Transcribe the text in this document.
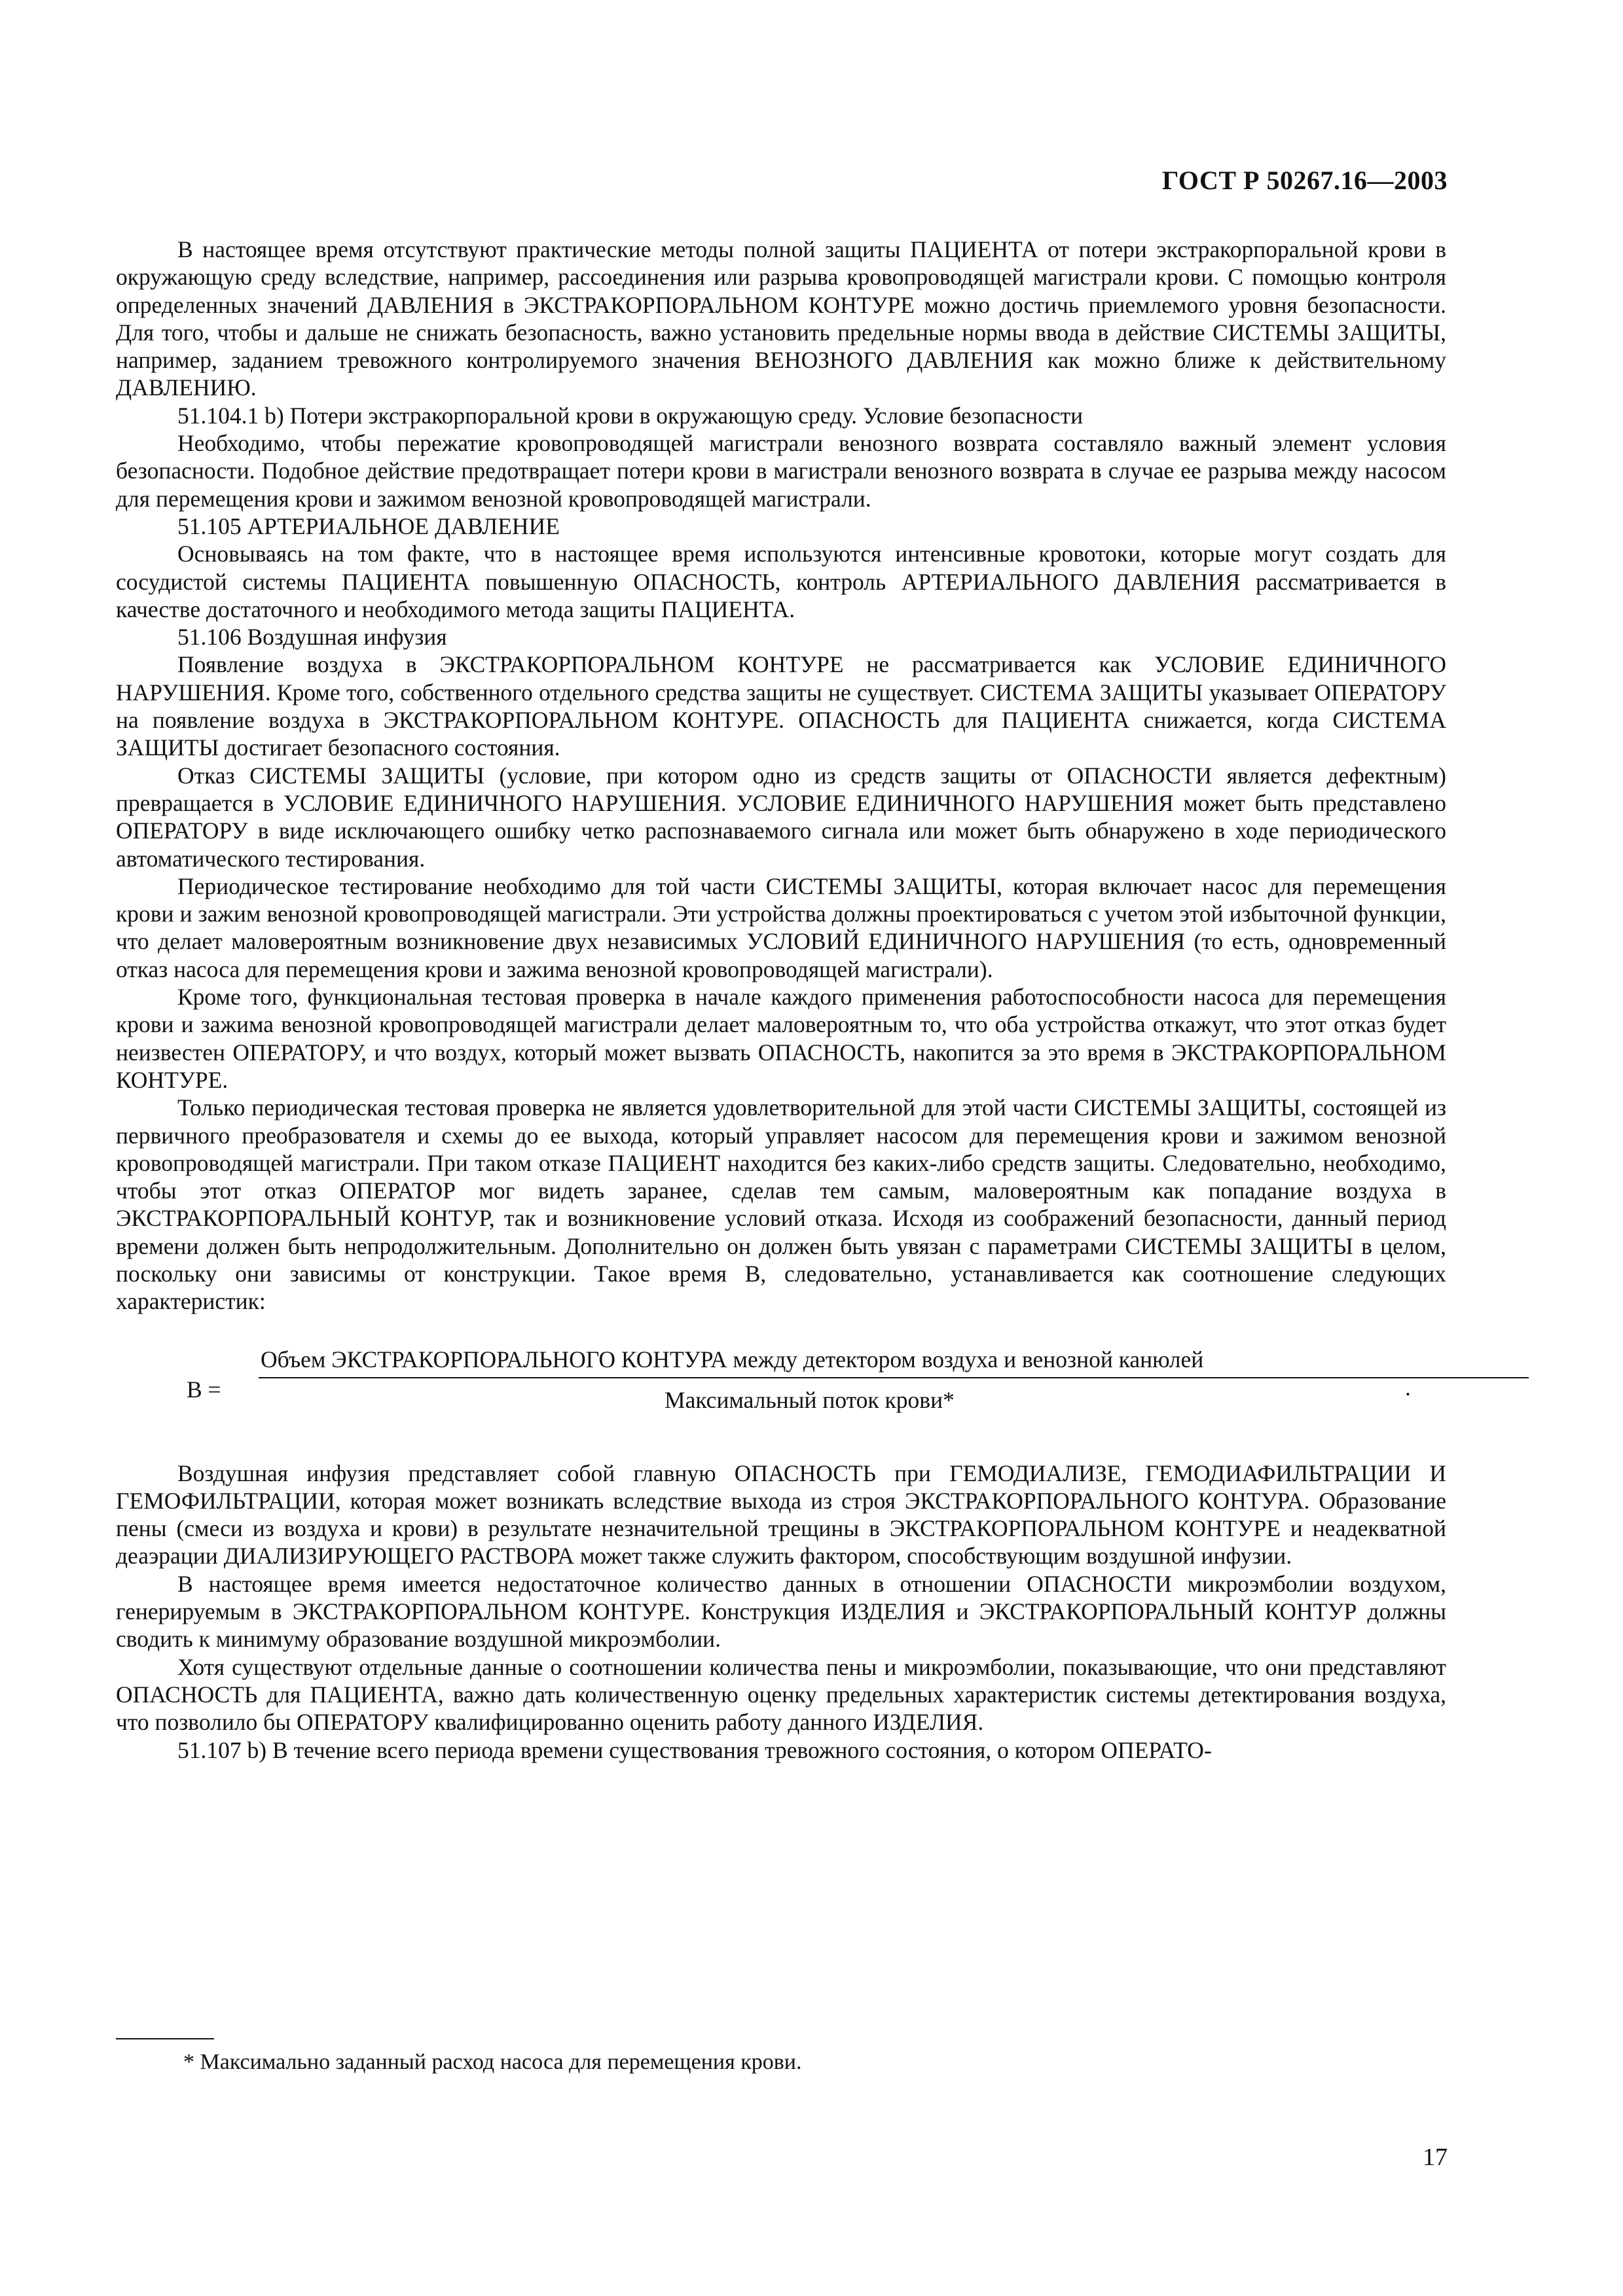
ГОСТ Р 50267.16—2003

В настоящее время отсутствуют практические методы полной защиты ПАЦИЕНТА от потери экстракорпоральной крови в окружающую среду вследствие, например, рассоединения или разрыва кровопроводящей магистрали крови. С помощью контроля определенных значений ДАВЛЕНИЯ в ЭКСТРАКОРПОРАЛЬНОМ КОНТУРЕ можно достичь приемлемого уровня безопасности. Для того, чтобы и дальше не снижать безопасность, важно установить предельные нормы ввода в действие СИСТЕМЫ ЗАЩИТЫ, например, заданием тревожного контролируемого значения ВЕНОЗНОГО ДАВЛЕНИЯ как можно ближе к действительному ДАВЛЕНИЮ.

51.104.1 b) Потери экстракорпоральной крови в окружающую среду. Условие безопасности

Необходимо, чтобы пережатие кровопроводящей магистрали венозного возврата составляло важный элемент условия безопасности. Подобное действие предотвращает потери крови в магистрали венозного возврата в случае ее разрыва между насосом для перемещения крови и зажимом венозной кровопроводящей магистрали.

51.105 АРТЕРИАЛЬНОЕ ДАВЛЕНИЕ

Основываясь на том факте, что в настоящее время используются интенсивные кровотоки, которые могут создать для сосудистой системы ПАЦИЕНТА повышенную ОПАСНОСТЬ, контроль АРТЕРИАЛЬНОГО ДАВЛЕНИЯ рассматривается в качестве достаточного и необходимого метода защиты ПАЦИЕНТА.

51.106 Воздушная инфузия

Появление воздуха в ЭКСТРАКОРПОРАЛЬНОМ КОНТУРЕ не рассматривается как УСЛОВИЕ ЕДИНИЧНОГО НАРУШЕНИЯ. Кроме того, собственного отдельного средства защиты не существует. СИСТЕМА ЗАЩИТЫ указывает ОПЕРАТОРУ на появление воздуха в ЭКСТРАКОРПОРАЛЬНОМ КОНТУРЕ. ОПАСНОСТЬ для ПАЦИЕНТА снижается, когда СИСТЕМА ЗАЩИТЫ достигает безопасного состояния.

Отказ СИСТЕМЫ ЗАЩИТЫ (условие, при котором одно из средств защиты от ОПАСНОСТИ является дефектным) превращается в УСЛОВИЕ ЕДИНИЧНОГО НАРУШЕНИЯ. УСЛОВИЕ ЕДИНИЧНОГО НАРУШЕНИЯ может быть представлено ОПЕРАТОРУ в виде исключающего ошибку четко распознаваемого сигнала или может быть обнаружено в ходе периодического автоматического тестирования.

Периодическое тестирование необходимо для той части СИСТЕМЫ ЗАЩИТЫ, которая включает насос для перемещения крови и зажим венозной кровопроводящей магистрали. Эти устройства должны проектироваться с учетом этой избыточной функции, что делает маловероятным возникновение двух независимых УСЛОВИЙ ЕДИНИЧНОГО НАРУШЕНИЯ (то есть, одновременный отказ насоса для перемещения крови и зажима венозной кровопроводящей магистрали).

Кроме того, функциональная тестовая проверка в начале каждого применения работоспособности насоса для перемещения крови и зажима венозной кровопроводящей магистрали делает маловероятным то, что оба устройства откажут, что этот отказ будет неизвестен ОПЕРАТОРУ, и что воздух, который может вызвать ОПАСНОСТЬ, накопится за это время в ЭКСТРАКОРПОРАЛЬНОМ КОНТУРЕ.

Только периодическая тестовая проверка не является удовлетворительной для этой части СИСТЕМЫ ЗАЩИТЫ, состоящей из первичного преобразователя и схемы до ее выхода, который управляет насосом для перемещения крови и зажимом венозной кровопроводящей магистрали. При таком отказе ПАЦИЕНТ находится без каких-либо средств защиты. Следовательно, необходимо, чтобы этот отказ ОПЕРАТОР мог видеть заранее, сделав тем самым, маловероятным как попадание воздуха в ЭКСТРАКОРПОРАЛЬНЫЙ КОНТУР, так и возникновение условий отказа. Исходя из соображений безопасности, данный период времени должен быть непродолжительным. Дополнительно он должен быть увязан с параметрами СИСТЕМЫ ЗАЩИТЫ в целом, поскольку они зависимы от конструкции. Такое время В, следовательно, устанавливается как соотношение следующих характеристик:

B =
Объем ЭКСТРАКОРПОРАЛЬНОГО КОНТУРА между детектором воздуха и венозной канюлей
Максимальный поток крови*	.

Воздушная инфузия представляет собой главную ОПАСНОСТЬ при ГЕМОДИАЛИЗЕ, ГЕМОДИАФИЛЬТРАЦИИ И ГЕМОФИЛЬТРАЦИИ, которая может возникать вследствие выхода из строя ЭКСТРАКОРПОРАЛЬНОГО КОНТУРА. Образование пены (смеси из воздуха и крови) в результате незначительной трещины в ЭКСТРАКОРПОРАЛЬНОМ КОНТУРЕ и неадекватной деаэрации ДИАЛИЗИРУЮЩЕГО РАСТВОРА может также служить фактором, способствующим воздушной инфузии.

В настоящее время имеется недостаточное количество данных в отношении ОПАСНОСТИ микроэмболии воздухом, генерируемым в ЭКСТРАКОРПОРАЛЬНОМ КОНТУРЕ. Конструкция ИЗДЕЛИЯ и ЭКСТРАКОРПОРАЛЬНЫЙ КОНТУР должны сводить к минимуму образование воздушной микроэмболии.

Хотя существуют отдельные данные о соотношении количества пены и микроэмболии, показывающие, что они представляют ОПАСНОСТЬ для ПАЦИЕНТА, важно дать количественную оценку предельных характеристик системы детектирования воздуха, что позволило бы ОПЕРАТОРУ квалифицированно оценить работу данного ИЗДЕЛИЯ.

51.107 b) В течение всего периода времени существования тревожного состояния, о котором ОПЕРАТО-

* Максимально заданный расход насоса для перемещения крови.
17
